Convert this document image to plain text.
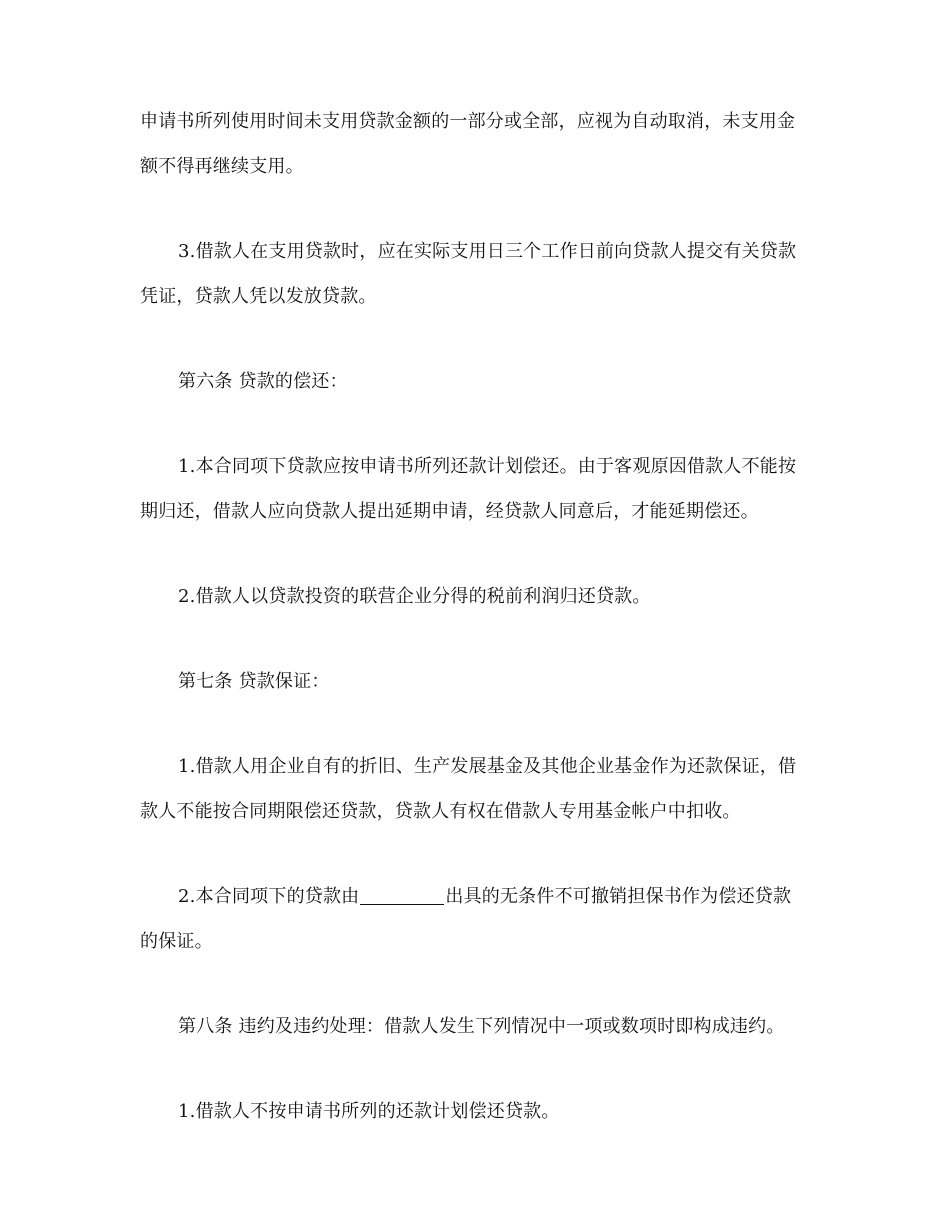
申请书所列使用时间未支用贷款金额的一部分或全部，应视为自动取消，未支用金
额不得再继续支用。
3.借款人在支用贷款时，应在实际支用日三个工作日前向贷款人提交有关贷款
凭证，贷款人凭以发放贷款。
第六条 贷款的偿还：
1.本合同项下贷款应按申请书所列还款计划偿还。由于客观原因借款人不能按
期归还，借款人应向贷款人提出延期申请，经贷款人同意后，才能延期偿还。
2.借款人以贷款投资的联营企业分得的税前利润归还贷款。
第七条 贷款保证：
1.借款人用企业自有的折旧、生产发展基金及其他企业基金作为还款保证，借
款人不能按合同期限偿还贷款，贷款人有权在借款人专用基金帐户中扣收。
2.本合同项下的贷款由	出具的无条件不可撤销担保书作为偿还贷款
的保证。
第八条 违约及违约处理：借款人发生下列情况中一项或数项时即构成违约。
1.借款人不按申请书所列的还款计划偿还贷款。
